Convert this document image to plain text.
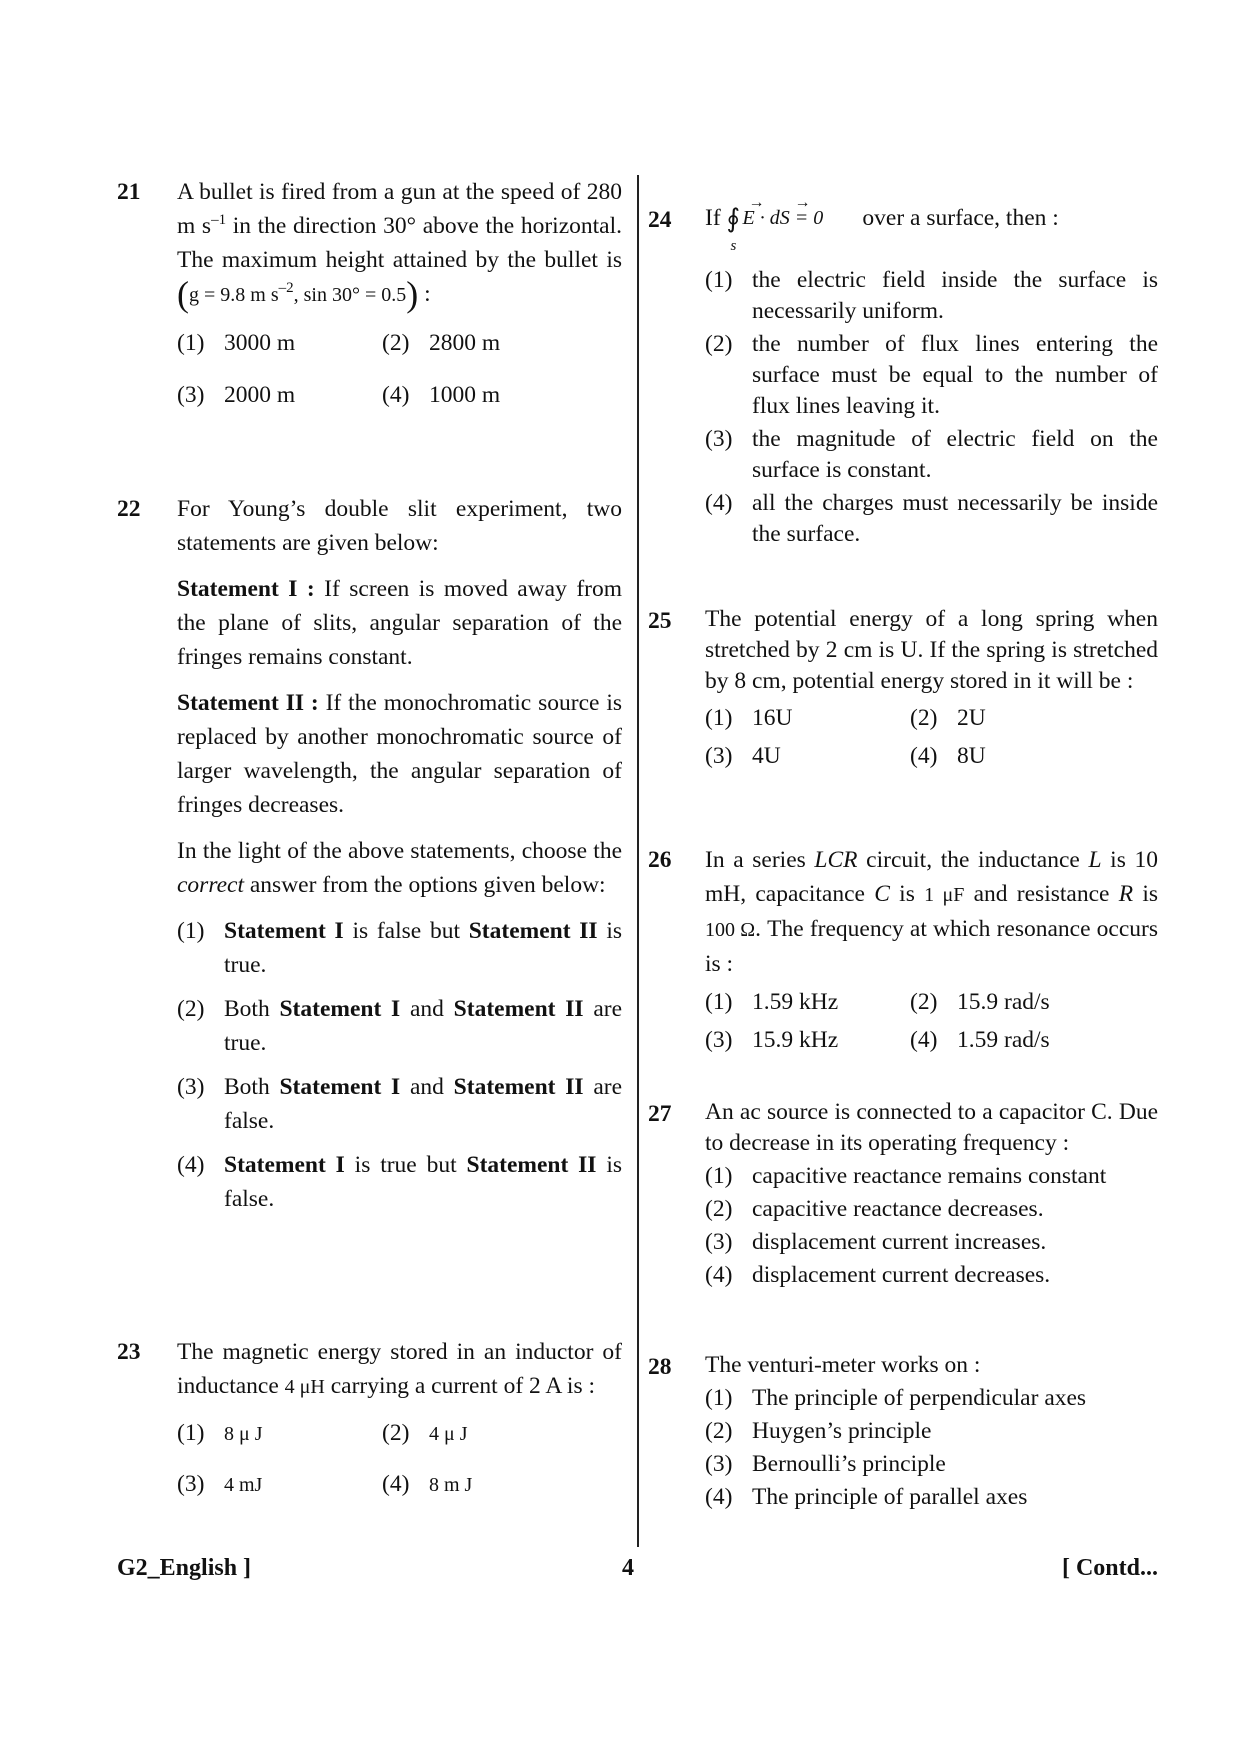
21	A bullet is fired from a gun at the speed of 280 m $s^{-1}$ in the direction 30° above the horizontal. The maximum height attained by the bullet is (g = 9.8 m $s^{-2}$, sin 30° = 0.5) :
(1) 3000 m	(2) 2800 m
(3) 2000 m	(4) 1000 m
22	For Young’s double slit experiment, two statements are given below:
Statement I : If screen is moved away from the plane of slits, angular separation of the fringes remains constant.
Statement II : If the monochromatic source is replaced by another monochromatic source of larger wavelength, the angular separation of fringes decreases.
In the light of the above statements, choose the correct answer from the options given below:
(1) Statement I is false but Statement II is true.
(2) Both Statement I and Statement II are true.
(3) Both Statement I and Statement II are false.
(4) Statement I is true but Statement II is false.
23	The magnetic energy stored in an inductor of inductance 4 μH carrying a current of 2 A is :
(1) 8 μ J	(2) 4 μ J
(3) 4 mJ	(4) 8 m J
24	If ∮
s
→ →
E · dS = 0 over a surface, then :
(1) the electric field inside the surface is necessarily uniform.
(2) the number of flux lines entering the surface must be equal to the number of flux lines leaving it.
(3) the magnitude of electric field on the surface is constant.
(4) all the charges must necessarily be inside the surface.
25	The potential energy of a long spring when stretched by 2 cm is U. If the spring is stretched by 8 cm, potential energy stored in it will be :
(1) 16U	(2) 2U
(3) 4U	(4) 8U
26	In a series LCR circuit, the inductance L is 10 mH, capacitance C is 1 μF and resistance R is 100 Ω. The frequency at which resonance occurs is :
(1) 1.59 kHz	(2) 15.9 rad/s
(3) 15.9 kHz	(4) 1.59 rad/s
27	An ac source is connected to a capacitor C. Due to decrease in its operating frequency :
(1) capacitive reactance remains constant
(2) capacitive reactance decreases.
(3) displacement current increases.
(4) displacement current decreases.
28	The venturi-meter works on :
(1) The principle of perpendicular axes
(2) Huygen’s principle
(3) Bernoulli’s principle
(4) The principle of parallel axes
G2_English ]	4	[ Contd...
